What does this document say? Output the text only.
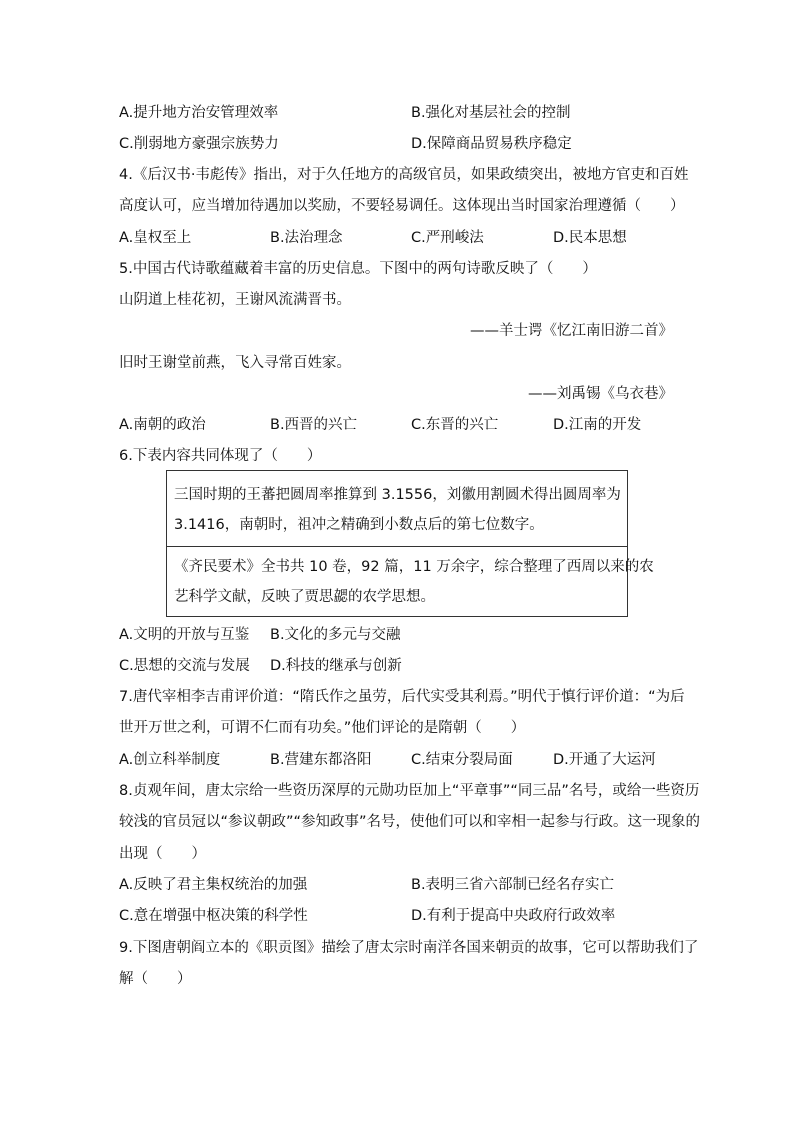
A.提升地方治安管理效率	B.强化对基层社会的控制
C.削弱地方豪强宗族势力	D.保障商品贸易秩序稳定
4.《后汉书·韦彪传》指出，对于久任地方的高级官员，如果政绩突出，被地方官吏和百姓
高度认可，应当增加待遇加以奖励，不要轻易调任。这体现出当时国家治理遵循（　　）
A.皇权至上	B.法治理念	C.严刑峻法	D.民本思想
5.中国古代诗歌蕴藏着丰富的历史信息。下图中的两句诗歌反映了（　　）
山阴道上桂花初，王谢风流满晋书。
——羊士谔《忆江南旧游二首》
旧时王谢堂前燕，飞入寻常百姓家。
——刘禹锡《乌衣巷》
A.南朝的政治	B.西晋的兴亡	C.东晋的兴亡	D.江南的开发
6.下表内容共同体现了（　　）
三国时期的王蕃把圆周率推算到 3.1556，刘徽用割圆术得出圆周率为
3.1416，南朝时，祖冲之精确到小数点后的第七位数字。
《齐民要术》全书共 10 卷，92 篇，11 万余字，综合整理了西周以来的农
艺科学文献，反映了贾思勰的农学思想。
A.文明的开放与互鉴 B.文化的多元与交融
C.思想的交流与发展 D.科技的继承与创新
7.唐代宰相李吉甫评价道：“隋氏作之虽劳，后代实受其利焉。”明代于慎行评价道：“为后
世开万世之利，可谓不仁而有功矣。”他们评论的是隋朝（　　）
A.创立科举制度	B.营建东都洛阳	C.结束分裂局面	D.开通了大运河
8.贞观年间，唐太宗给一些资历深厚的元勋功臣加上“平章事”“同三品”名号，或给一些资历
较浅的官员冠以“参议朝政”“参知政事”名号，使他们可以和宰相一起参与行政。这一现象的
出现（　　）
A.反映了君主集权统治的加强	B.表明三省六部制已经名存实亡
C.意在增强中枢决策的科学性	D.有利于提高中央政府行政效率
9.下图唐朝阎立本的《职贡图》描绘了唐太宗时南洋各国来朝贡的故事，它可以帮助我们了
解（　　）
